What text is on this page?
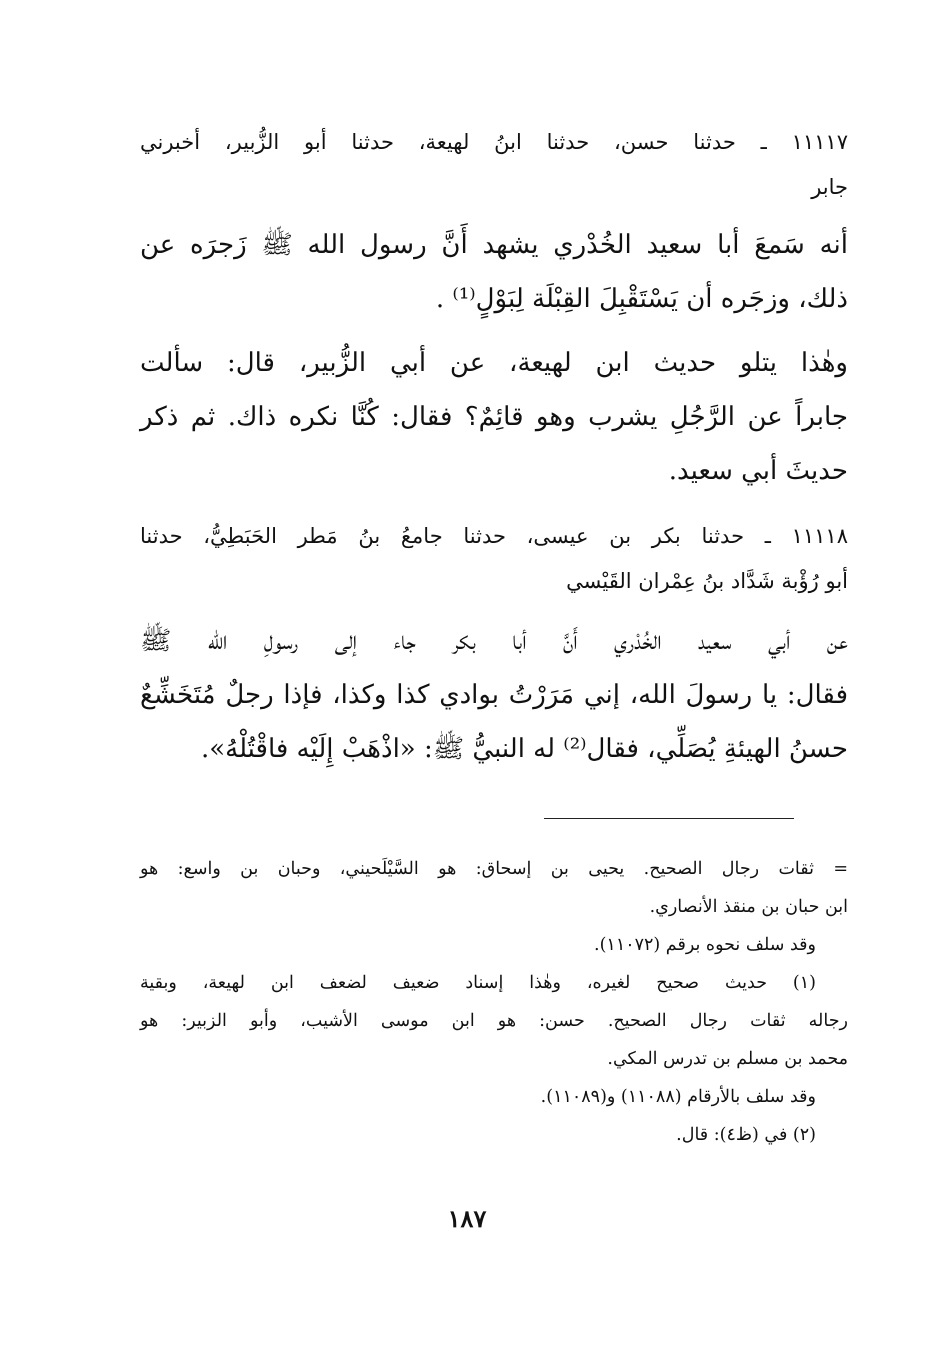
١١١١٧ ـ حدثنا حسن، حدثنا ابنُ لهيعة، حدثنا أبو الزُّبير، أخبرني
جابر
أنه سَمعَ أبا سعيد الخُدْري يشهد أَنَّ رسول الله ﷺ زَجرَه عن
ذلك، وزجَره أن يَسْتَقْبِلَ القِبْلَة لِبَوْلٍ⁽¹⁾ .
وهٰذا يتلو حديث ابن لهيعة، عن أبي الزُّبير، قال: سألت
جابراً عن الرَّجُلِ يشرب وهو قائِمٌ؟ فقال: كُنَّا نكره ذاك. ثم ذكر
حديثَ أبي سعيد.
١١١١٨ ـ حدثنا بكر بن عيسى، حدثنا جامعُ بنُ مَطر الحَبَطِيُّ، حدثنا
أبو رُؤْبة شَدَّاد بنُ عِمْران القَيْسي
عن أبي سعيد الخُدْري أَنَّ أبا بكر جاء إلى رسولِ الله ﷺ
فقال: يا رسولَ الله، إني مَرَرْتُ بوادي كذا وكذا، فإذا رجلٌ مُتَخَشِّعٌ
حسنُ الهيئةِ يُصَلِّي، فقال⁽²⁾ له النبيُّ ﷺ: «اذْهَبْ إِلَيْه فاقْتُلْهُ».
= ثقات رجال الصحيح. يحيى بن إسحاق: هو السَّيْلَحيني، وحبان بن واسع: هو
ابن حبان بن منقذ الأنصاري.
وقد سلف نحوه برقم (١١٠٧٢).
(١) حديث صحيح لغيره، وهٰذا إسناد ضعيف لضعف ابن لهيعة، وبقية
رجاله ثقات رجال الصحيح. حسن: هو ابن موسى الأشيب، وأبو الزبير: هو
محمد بن مسلم بن تدرس المكي.
وقد سلف بالأرقام (١١٠٨٨) و(١١٠٨٩).
(٢) في (ظ٤): قال.
١٨٧
